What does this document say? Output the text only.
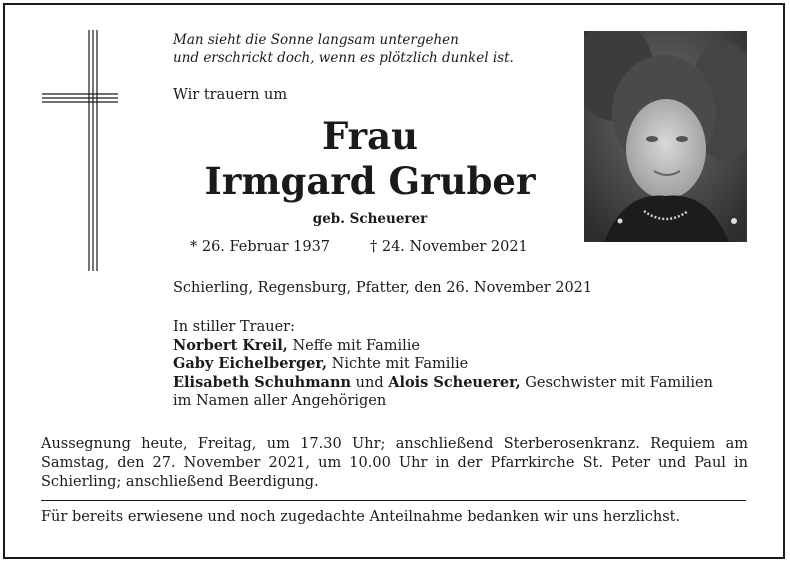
Man sieht die Sonne langsam untergehen
und erschrickt doch, wenn es plötzlich dunkel ist.
Wir trauern um
Frau
Irmgard Gruber
geb. Scheuerer
* 26. Februar 1937	† 24. November 2021
Schierling, Regensburg, Pfatter, den 26. November 2021
In stiller Trauer:
Norbert Kreil, Neffe mit Familie
Gaby Eichelberger, Nichte mit Familie
Elisabeth Schuhmann und Alois Scheuerer, Geschwister mit Familien
im Namen aller Angehörigen
Aussegnung heute, Freitag, um 17.30 Uhr; anschließend Sterberosenkranz. Requiem am Samstag, den 27. November 2021, um 10.00 Uhr in der Pfarrkirche St. Peter und Paul in Schierling; anschließend Beerdigung.
Für bereits erwiesene und noch zugedachte Anteilnahme bedanken wir uns herzlichst.
